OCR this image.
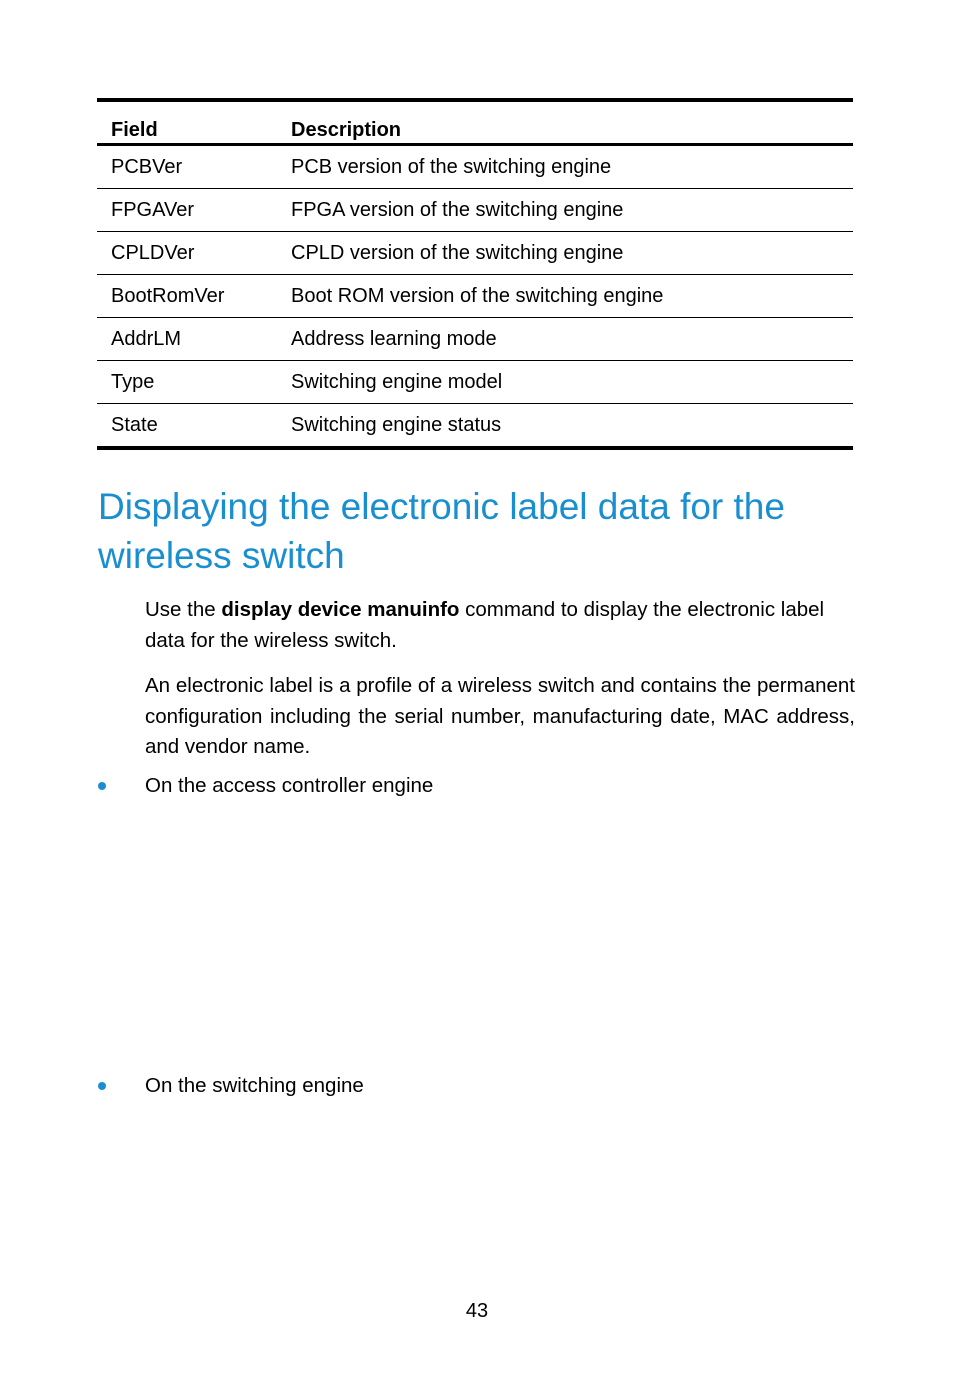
Field	Description
PCBVer	PCB version of the switching engine
FPGAVer	FPGA version of the switching engine
CPLDVer	CPLD version of the switching engine
BootRomVer	Boot ROM version of the switching engine
AddrLM	Address learning mode
Type	Switching engine model
State	Switching engine status
Displaying the electronic label data for the wireless switch

Use the display device manuinfo command to display the electronic label data for the wireless switch.

An electronic label is a profile of a wireless switch and contains the permanent configuration including the serial number, manufacturing date, MAC address, and vendor name.

On the access controller engine
On the switching engine
43
